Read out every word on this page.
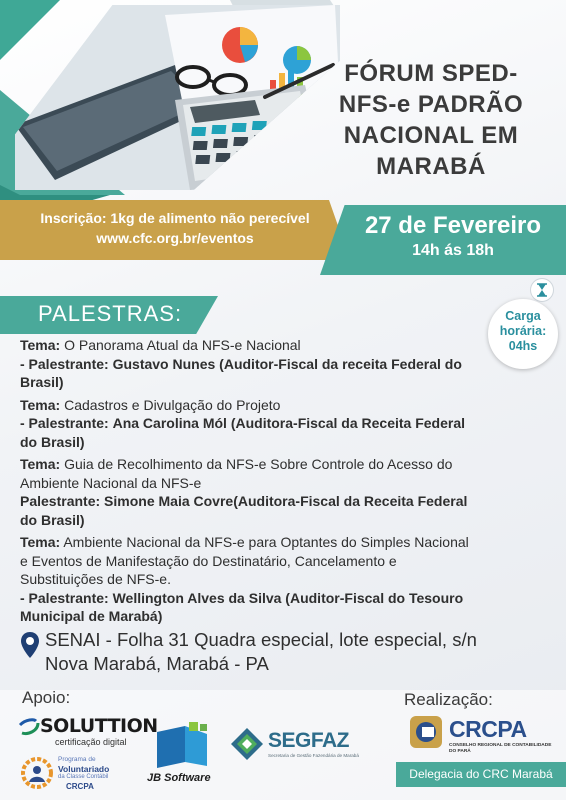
FÓRUM SPED-
NFS-e PADRÃO
NACIONAL EM
MARABÁ
Inscrição: 1kg de alimento não perecível
www.cfc.org.br/eventos	27 de Fevereiro
14h ás 18h
Carga
horária:
04hs
PALESTRAS:
Tema: O Panorama Atual da NFS-e Nacional
- Palestrante: Gustavo Nunes (Auditor-Fiscal da receita Federal do Brasil)
Tema: Cadastros e Divulgação do Projeto
- Palestrante: Ana Carolina Mól (Auditora-Fiscal da Receita Federal do Brasil)
Tema: Guia de Recolhimento da NFS-e Sobre Controle do Acesso do Ambiente Nacional da NFS-e
Palestrante: Simone Maia Covre(Auditora-Fiscal da Receita Federal do Brasil)
Tema: Ambiente Nacional da NFS-e para Optantes do Simples Nacional e Eventos de Manifestação do Destinatário, Cancelamento e Substituições de NFS-e.
- Palestrante: Wellington Alves da Silva (Auditor-Fiscal do Tesouro Municipal de Marabá)
SENAI - Folha 31 Quadra especial, lote especial, s/n
Nova Marabá, Marabá - PA
Apoio:	Realização:
SOLUTTION
certificação digital
Programa de
Voluntariado
da Classe Contábil
CRCPA
JB Software
SEGFAZ
Secretaria de Gestão Fazendária de Marabá
CRCPA
CONSELHO REGIONAL DE CONTABILIDADE
DO PARÁ
Delegacia do CRC Marabá
